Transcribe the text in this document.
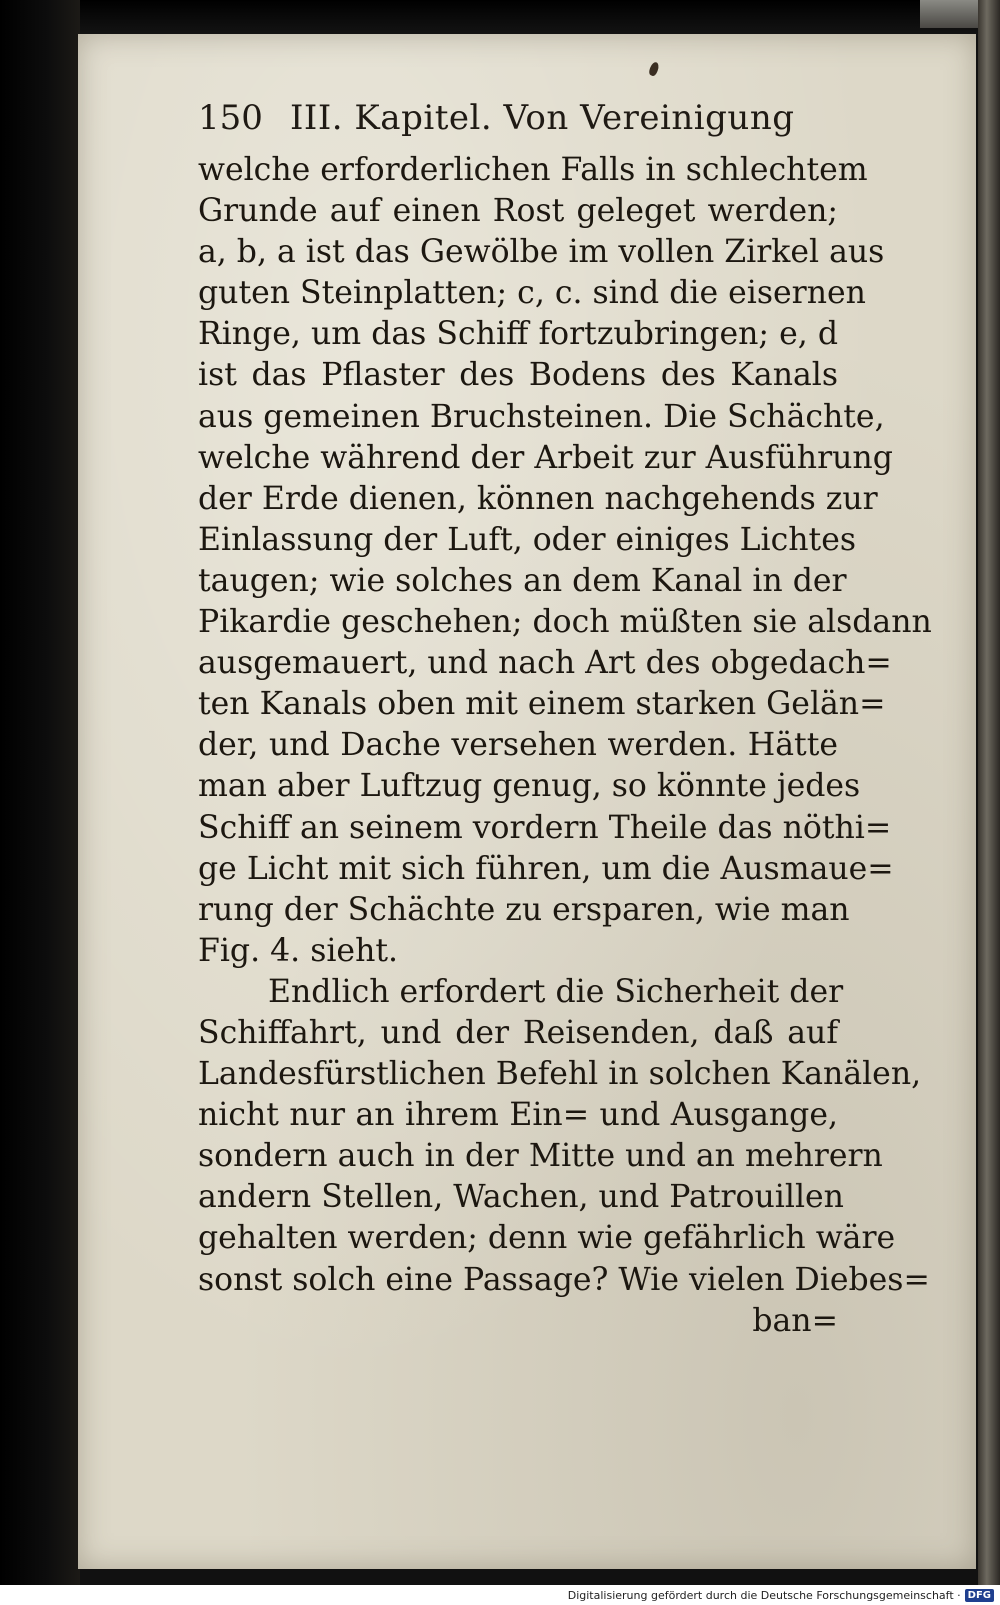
150 III. Kapitel. Von Vereinigung
welche erforderlichen Falls in schlechtem
Grunde auf einen Rost geleget werden;
a, b, a ist das Gewölbe im vollen Zirkel aus
guten Steinplatten; c, c. sind die eisernen
Ringe, um das Schiff fortzubringen; e, d
ist das Pflaster des Bodens des Kanals
aus gemeinen Bruchsteinen. Die Schächte,
welche während der Arbeit zur Ausführung
der Erde dienen, können nachgehends zur
Einlassung der Luft, oder einiges Lichtes
taugen; wie solches an dem Kanal in der
Pikardie geschehen; doch müßten sie alsdann
ausgemauert, und nach Art des obgedach=
ten Kanals oben mit einem starken Gelän=
der, und Dache versehen werden. Hätte
man aber Luftzug genug, so könnte jedes
Schiff an seinem vordern Theile das nöthi=
ge Licht mit sich führen, um die Ausmaue=
rung der Schächte zu ersparen, wie man
Fig. 4. sieht.
Endlich erfordert die Sicherheit der
Schiffahrt, und der Reisenden, daß auf
Landesfürstlichen Befehl in solchen Kanälen,
nicht nur an ihrem Ein= und Ausgange,
sondern auch in der Mitte und an mehrern
andern Stellen, Wachen, und Patrouillen
gehalten werden; denn wie gefährlich wäre
sonst solch eine Passage? Wie vielen Diebes=
ban=
Digitalisierung gefördert durch die Deutsche Forschungsgemeinschaft · DFG
